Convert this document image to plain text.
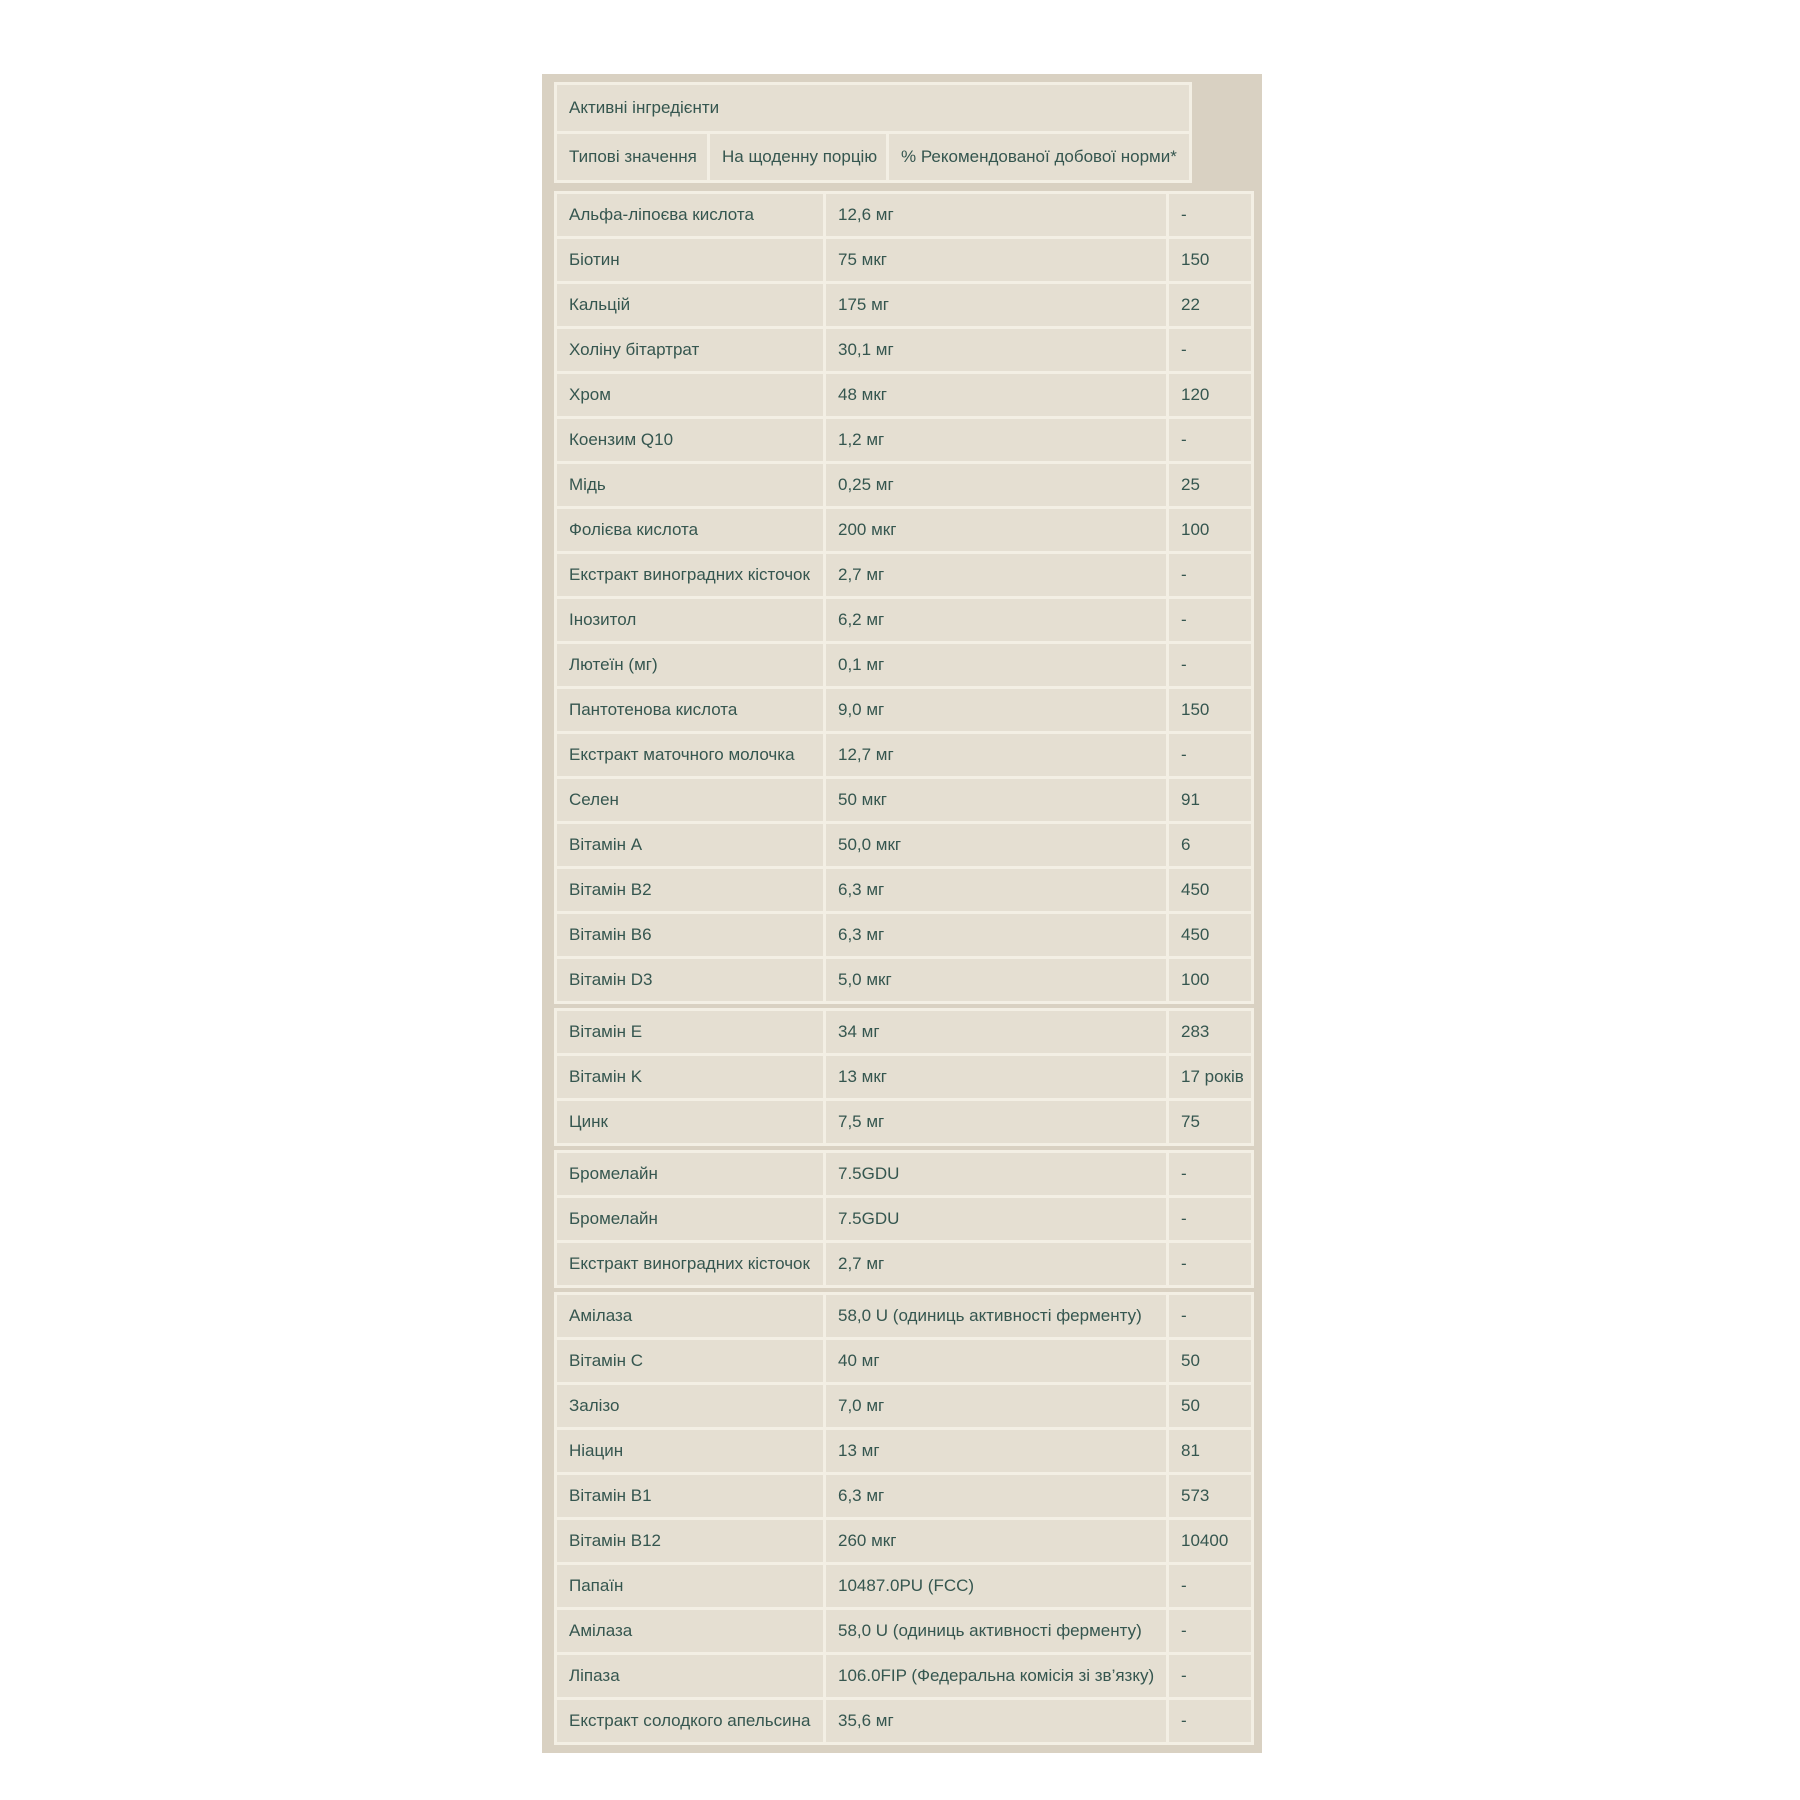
Активні інгредієнти
Типові значення	На щоденну порцію	% Рекомендованої добової норми*
Альфа-ліпоєва кислота	12,6 мг	-
Біотин	75 мкг	150
Кальцій	175 мг	22
Холіну бітартрат	30,1 мг	-
Хром	48 мкг	120
Коензим Q10	1,2 мг	-
Мідь	0,25 мг	25
Фолієва кислота	200 мкг	100
Екстракт виноградних кісточок	2,7 мг	-
Інозитол	6,2 мг	-
Лютеїн (мг)	0,1 мг	-
Пантотенова кислота	9,0 мг	150
Екстракт маточного молочка	12,7 мг	-
Селен	50 мкг	91
Вітамін A	50,0 мкг	6
Вітамін B2	6,3 мг	450
Вітамін B6	6,3 мг	450
Вітамін D3	5,0 мкг	100
Вітамін E	34 мг	283
Вітамін K	13 мкг	17 років
Цинк	7,5 мг	75
Бромелайн	7.5GDU	-
Бромелайн	7.5GDU	-
Екстракт виноградних кісточок	2,7 мг	-
Амілаза	58,0 U (одиниць активності ферменту)	-
Вітамін C	40 мг	50
Залізо	7,0 мг	50
Ніацин	13 мг	81
Вітамін B1	6,3 мг	573
Вітамін B12	260 мкг	10400
Папаїн	10487.0PU (FCC)	-
Амілаза	58,0 U (одиниць активності ферменту)	-
Ліпаза	106.0FIP (Федеральна комісія зі зв’язку)	-
Екстракт солодкого апельсина	35,6 мг	-
